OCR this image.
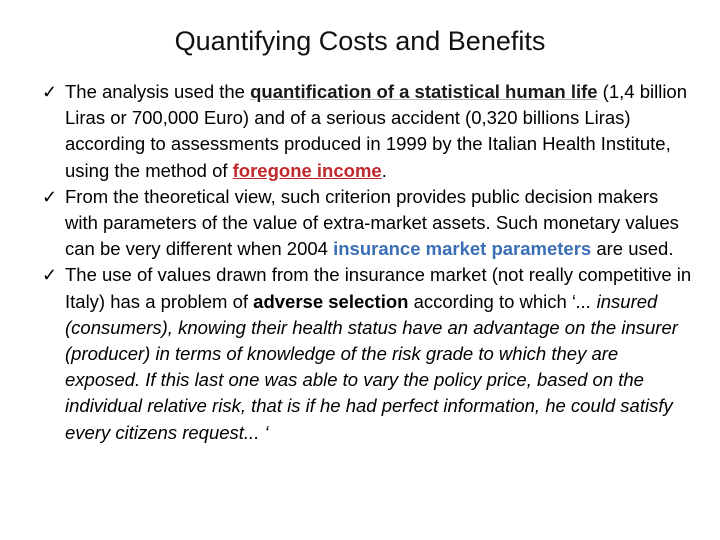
Quantifying Costs and Benefits

✓ The analysis used the quantification of a statistical human life (1,4 billion Liras or 700,000 Euro) and of a serious accident (0,320 billions Liras) according to assessments produced in 1999 by the Italian Health Institute, using the method of foregone income.

✓ From the theoretical view, such criterion provides public decision makers with parameters of the value of extra-market assets. Such monetary values can be very different when 2004 insurance market parameters are used.

✓ The use of values drawn from the insurance market (not really competitive in Italy) has a problem of adverse selection according to which ‘... insured (consumers), knowing their health status have an advantage on the insurer (producer) in terms of knowledge of the risk grade to which they are exposed. If this last one was able to vary the policy price, based on the individual relative risk, that is if he had perfect information, he could satisfy every citizens request... ‘
